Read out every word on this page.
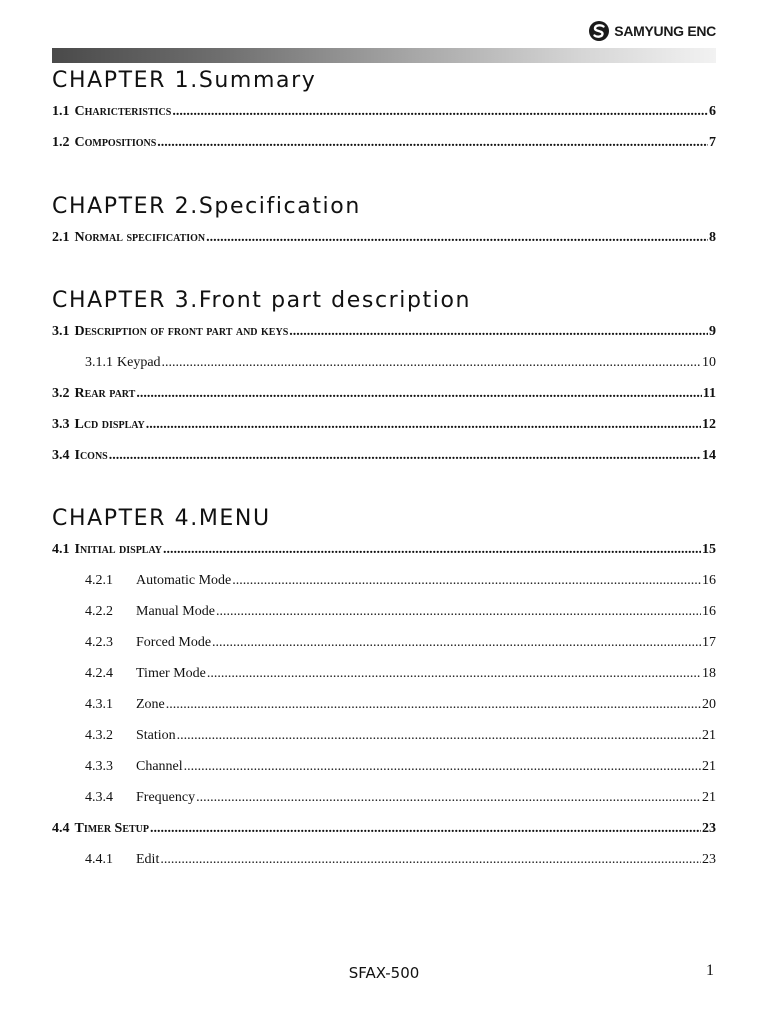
SAMYUNG ENC
CHAPTER 1.Summary
CHAPTER 2.Specification
CHAPTER 3.Front part description
CHAPTER 4.MENU
1.1 Charicteristics .....	6
1.2 Compositions .....	7
2.1 Normal specification .....	8
3.1 Description of front part and keys .....	9
3.1.1 Keypad .....	10
3.2 Rear part .....	11
3.3 Lcd display .....	12
3.4 Icons .....	14
4.1 Initial display .....	15
4.2.1	Automatic Mode .....	16
4.2.2	Manual Mode .....	16
4.2.3	Forced Mode .....	17
4.2.4	Timer Mode .....	18
4.3.1	Zone .....	20
4.3.2	Station .....	21
4.3.3	Channel .....	21
4.3.4	Frequency .....	21
4.4 Timer Setup .....	23
4.4.1	Edit .....	23
SFAX-500	1
